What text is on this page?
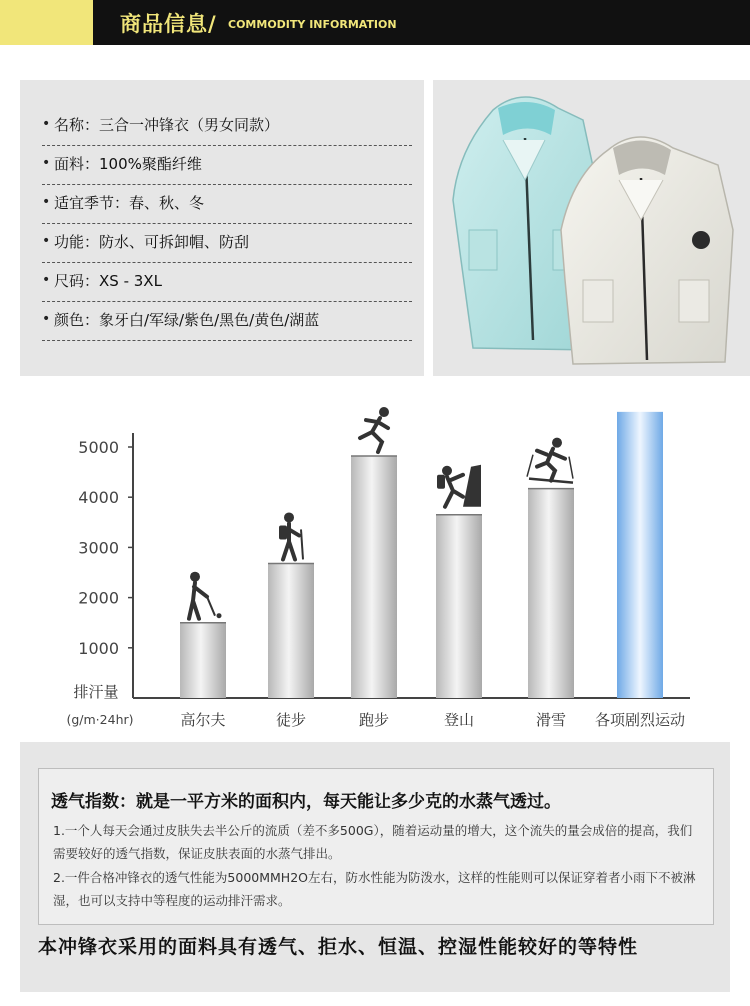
商品信息/ COMMODITY INFORMATION
• 名称：三合一冲锋衣（男女同款）
• 面料：100%聚酯纤维
• 适宜季节：春、秋、冬
• 功能：防水、可拆卸帽、防刮
• 尺码：XS - 3XL
• 颜色：象牙白/军绿/紫色/黑色/黄色/湖蓝
1000
2000
3000
4000
5000
排汗量
(g/m·24hr)	高尔夫	徒步	跑步	登山	滑雪 各项剧烈运动
透气指数：就是一平方米的面积内，每天能让多少克的水蒸气透过。
1.一个人每天会通过皮肤失去半公斤的流质（差不多500G），随着运动量的增大，这个流失的量会成倍的提高，我们需要较好的透气指数，保证皮肤表面的水蒸气排出。
2.一件合格冲锋衣的透气性能为5000MMH2O左右，防水性能为防泼水，这样的性能则可以保证穿着者小雨下不被淋湿，也可以支持中等程度的运动排汗需求。
本冲锋衣采用的面料具有透气、拒水、恒温、控湿性能较好的等特性
